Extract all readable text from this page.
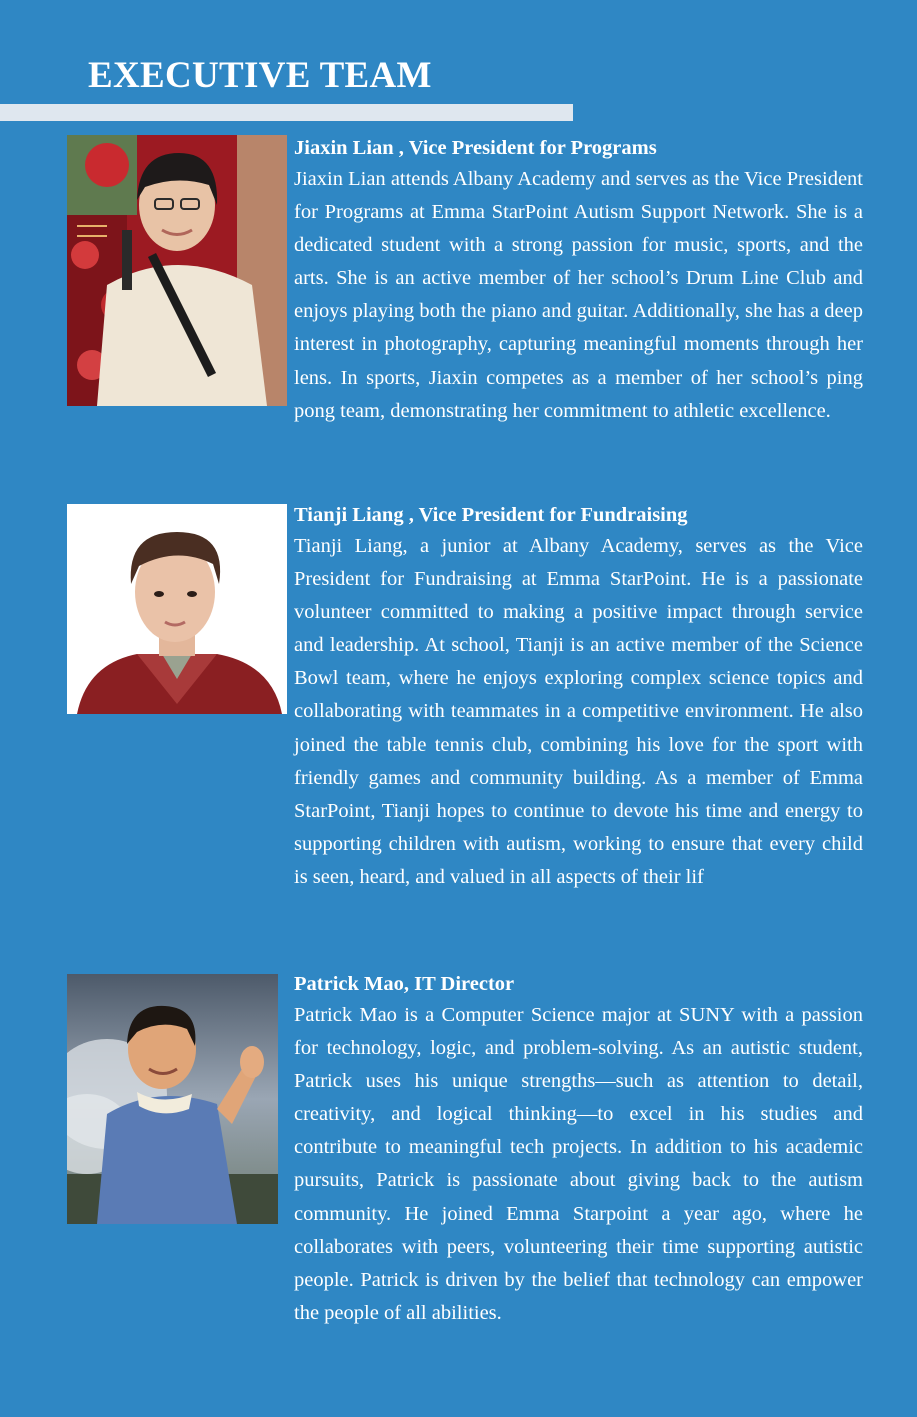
EXECUTIVE TEAM
Jiaxin Lian , Vice President for Programs

Jiaxin Lian attends Albany Academy and serves as the Vice President for Programs at Emma StarPoint Autism Support Network. She is a dedicated student with a strong passion for music, sports, and the arts. She is an active member of her school’s Drum Line Club and enjoys playing both the piano and guitar. Additionally, she has a deep interest in photography, capturing meaningful moments through her lens. In sports, Jiaxin competes as a member of her school’s ping pong team, demonstrating her commitment to athletic excellence.

Tianji Liang , Vice President for Fundraising

Tianji Liang, a junior at Albany Academy, serves as the Vice President for Fundraising at Emma StarPoint. He is a passionate volunteer committed to making a positive impact through service and leadership. At school, Tianji is an active member of the Science Bowl team, where he enjoys exploring complex science topics and collaborating with teammates in a competitive environment. He also joined the table tennis club, combining his love for the sport with friendly games and community building. As a member of Emma StarPoint, Tianji hopes to continue to devote his time and energy to supporting children with autism, working to ensure that every child is seen, heard, and valued in all aspects of their lif

Patrick Mao, IT Director

Patrick Mao is a Computer Science major at SUNY with a passion for technology, logic, and problem-solving. As an autistic student, Patrick uses his unique strengths—such as attention to detail, creativity, and logical thinking—to excel in his studies and contribute to meaningful tech projects. In addition to his academic pursuits, Patrick is passionate about giving back to the autism community. He joined Emma Starpoint a year ago, where he collaborates with peers, volunteering their time supporting autistic people. Patrick is driven by the belief that technology can empower the people of all abilities.
